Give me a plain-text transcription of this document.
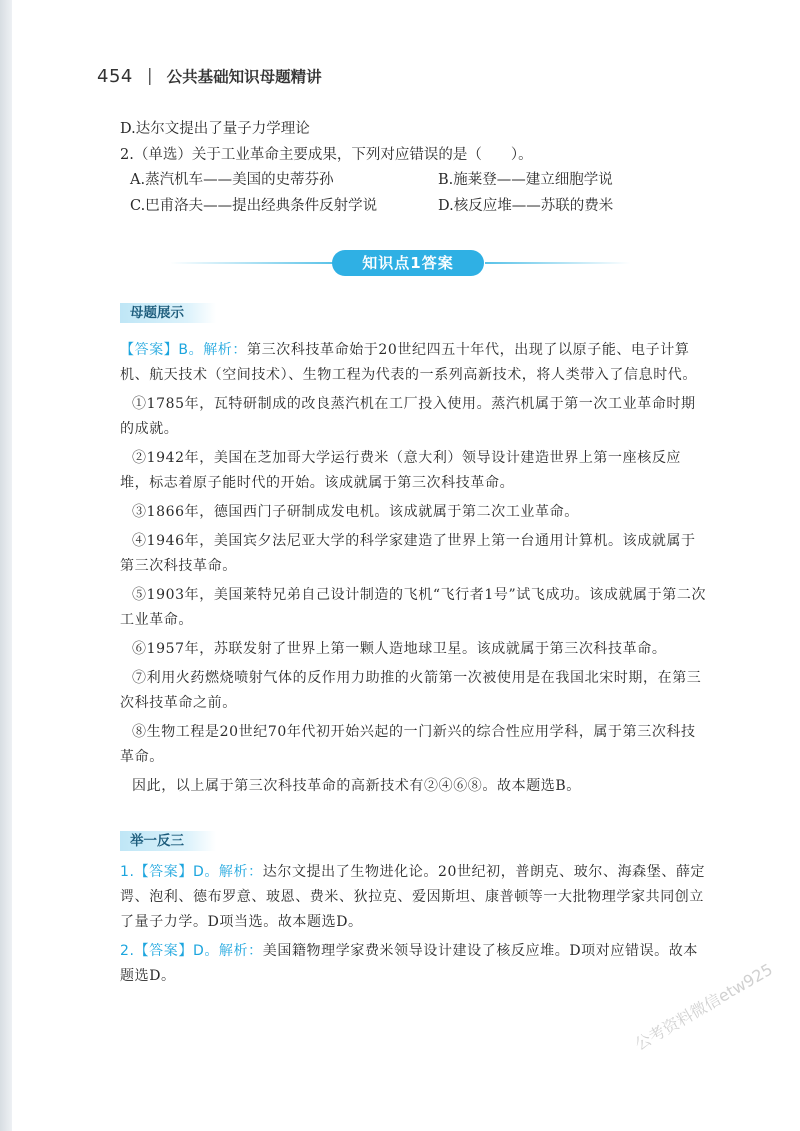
454 | 公共基础知识母题精讲
D.达尔文提出了量子力学理论
2.（单选）关于工业革命主要成果，下列对应错误的是（　　）。
A.蒸汽机车——美国的史蒂芬孙	B.施莱登——建立细胞学说
C.巴甫洛夫——提出经典条件反射学说	D.核反应堆——苏联的费米
知识点1答案
母题展示

【答案】B。解析：第三次科技革命始于20世纪四五十年代，出现了以原子能、电子计算机、航天技术（空间技术）、生物工程为代表的一系列高新技术，将人类带入了信息时代。

①1785年，瓦特研制成的改良蒸汽机在工厂投入使用。蒸汽机属于第一次工业革命时期的成就。

②1942年，美国在芝加哥大学运行费米（意大利）领导设计建造世界上第一座核反应堆，标志着原子能时代的开始。该成就属于第三次科技革命。

③1866年，德国西门子研制成发电机。该成就属于第二次工业革命。

④1946年，美国宾夕法尼亚大学的科学家建造了世界上第一台通用计算机。该成就属于第三次科技革命。

⑤1903年，美国莱特兄弟自己设计制造的飞机“飞行者1号”试飞成功。该成就属于第二次工业革命。

⑥1957年，苏联发射了世界上第一颗人造地球卫星。该成就属于第三次科技革命。

⑦利用火药燃烧喷射气体的反作用力助推的火箭第一次被使用是在我国北宋时期，在第三次科技革命之前。

⑧生物工程是20世纪70年代初开始兴起的一门新兴的综合性应用学科，属于第三次科技革命。

因此，以上属于第三次科技革命的高新技术有②④⑥⑧。故本题选B。

举一反三

1.【答案】D。解析：达尔文提出了生物进化论。20世纪初，普朗克、玻尔、海森堡、薛定谔、泡利、德布罗意、玻恩、费米、狄拉克、爱因斯坦、康普顿等一大批物理学家共同创立了量子力学。D项当选。故本题选D。

2.【答案】D。解析：美国籍物理学家费米领导设计建设了核反应堆。D项对应错误。故本题选D。	公考资料微信etw925
